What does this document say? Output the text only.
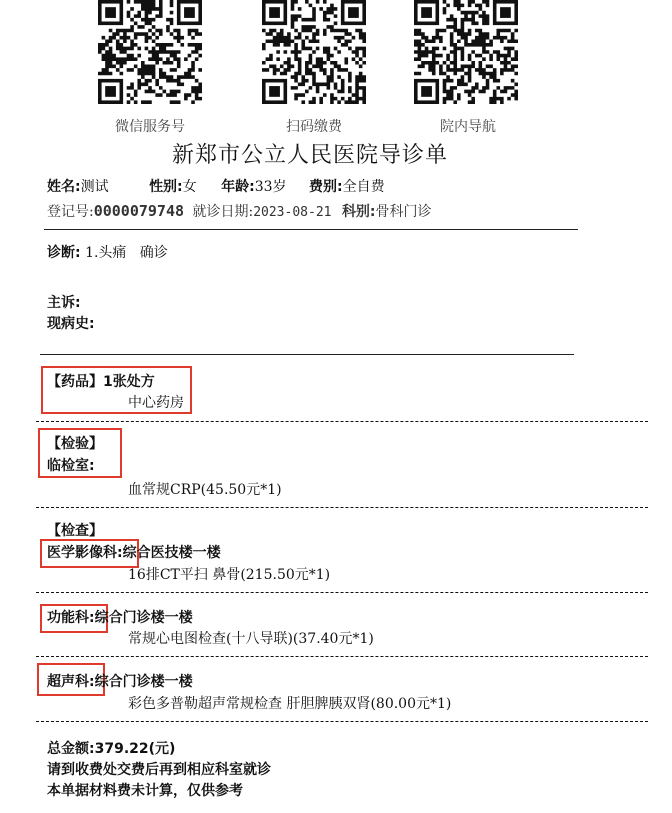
微信服务号	扫码缴费	院内导航
新郑市公立人民医院导诊单
姓名:测试	性别:女 年龄:33岁 费别:全自费
登记号:0000079748 就诊日期:2023-08-21 科别:骨科门诊
诊断: 1.头痛   确诊
主诉:
现病史:
【药品】1张处方
中心药房
【检验】
临检室:
血常规CRP(45.50元*1)
【检查】
医学影像科:综合医技楼一楼
16排CT平扫 鼻骨(215.50元*1)
功能科:综合门诊楼一楼
常规心电图检查(十八导联)(37.40元*1)
超声科:综合门诊楼一楼
彩色多普勒超声常规检查 肝胆脾胰双肾(80.00元*1)
总金额:379.22(元)
请到收费处交费后再到相应科室就诊
本单据材料费未计算，仅供参考
